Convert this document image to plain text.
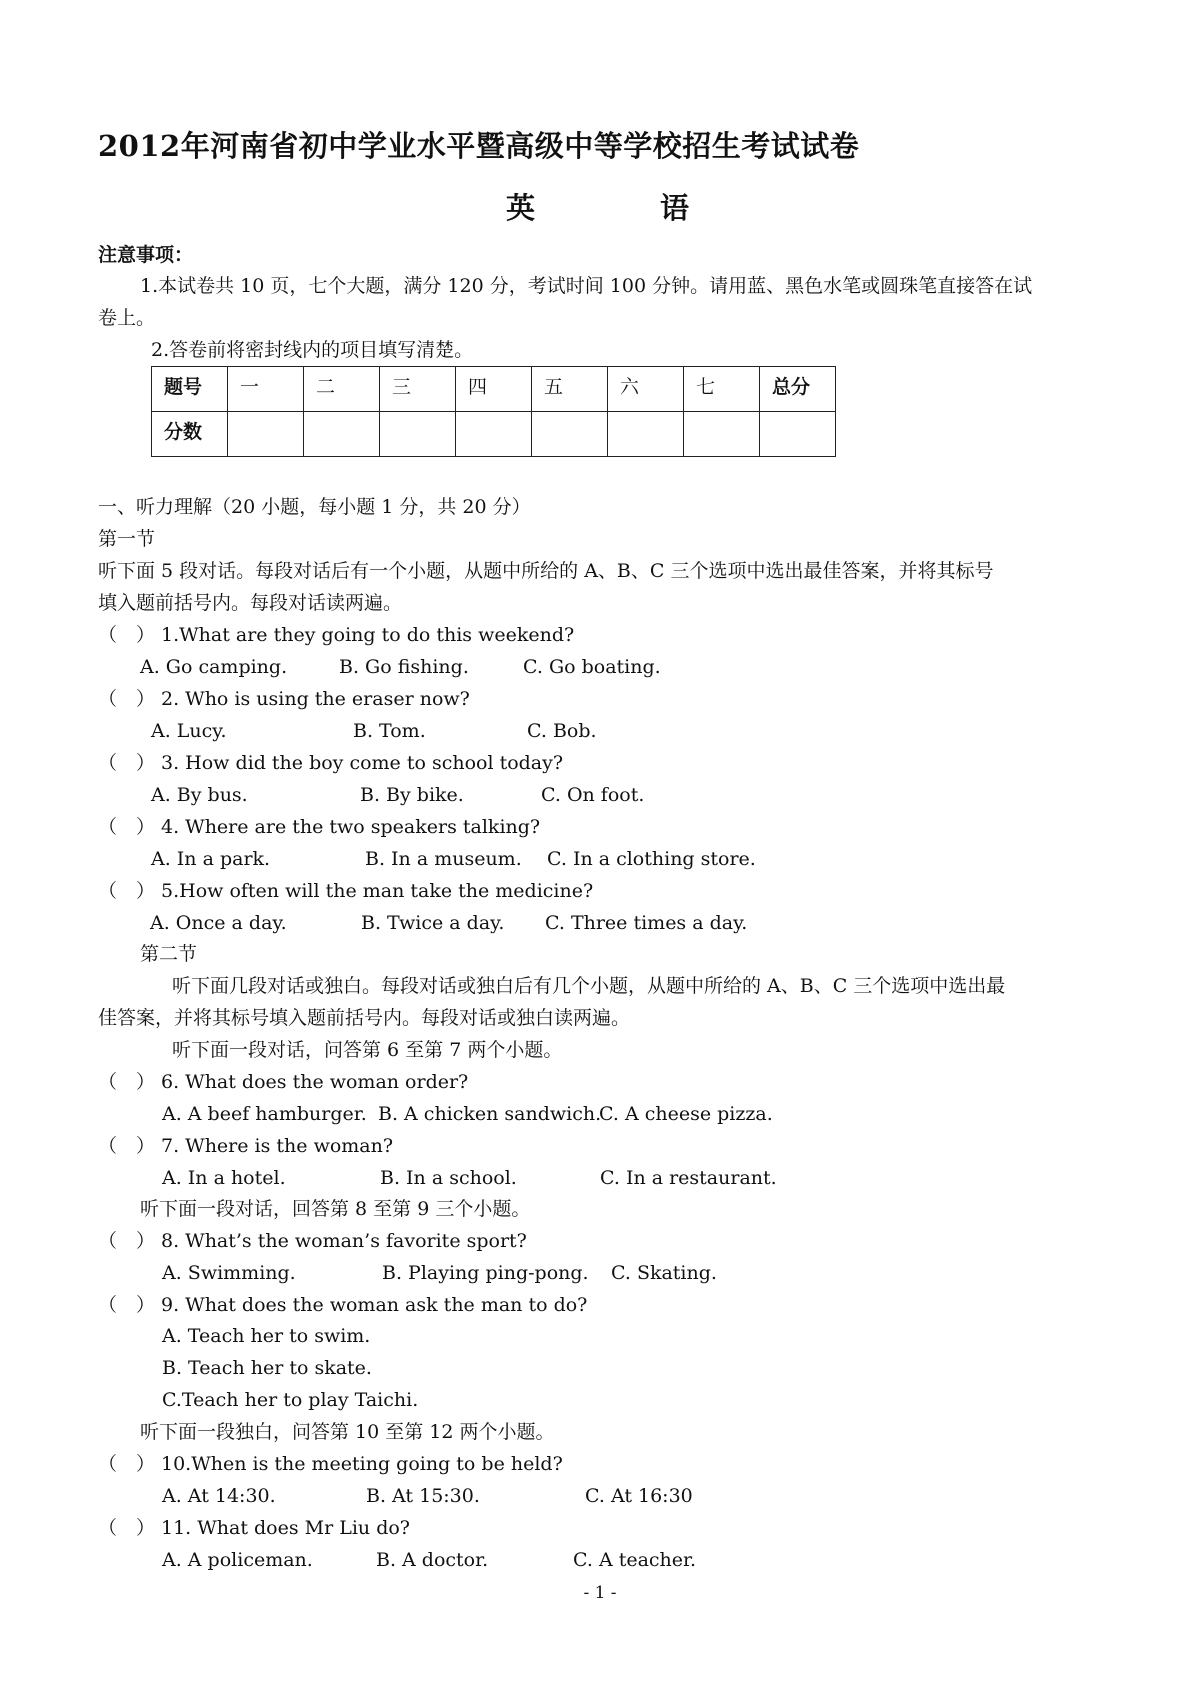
2012年河南省初中学业水平暨高级中等学校招生考试试卷
英	语
注意事项：
1.本试卷共 10 页，七个大题，满分 120 分，考试时间 100 分钟。请用蓝、黑色水笔或圆珠笔直接答在试
卷上。
2.答卷前将密封线内的项目填写清楚。
题号	一	二	三	四	五	六	七	总分
分数								
一、听力理解（20 小题，每小题 1 分，共 20 分）
第一节
听下面 5 段对话。每段对话后有一个小题，从题中所给的 A、B、C 三个选项中选出最佳答案，并将其标号
填入题前括号内。每段对话读两遍。
（　） 1.What are they going to do this weekend?
A. Go camping.	B. Go fishing.	C. Go boating.
（　） 2. Who is using the eraser now?
A. Lucy.	B. Tom.	C. Bob.
（　） 3. How did the boy come to school today?
A. By bus.	B. By bike.	C. On foot.
（　） 4. Where are the two speakers talking?
A. In a park.	B. In a museum. C. In a clothing store.
（　） 5.How often will the man take the medicine?
A. Once a day.	B. Twice a day. C. Three times a day.
第二节
听下面几段对话或独白。每段对话或独白后有几个小题，从题中所给的 A、B、C 三个选项中选出最
佳答案，并将其标号填入题前括号内。每段对话或独白读两遍。
听下面一段对话，问答第 6 至第 7 两个小题。
（　） 6. What does the woman order?
A. A beef hamburger. B. A chicken sandwich.
C. A cheese pizza.
（　） 7. Where is the woman?
A. In a hotel.	B. In a school.	C. In a restaurant.
听下面一段对话，回答第 8 至第 9 三个小题。
（　） 8. What’s the woman’s favorite sport?
A. Swimming.	B. Playing ping-pong. C. Skating.
（　） 9. What does the woman ask the man to do?
A. Teach her to swim.
B. Teach her to skate.
C.Teach her to play Taichi.
听下面一段独白，问答第 10 至第 12 两个小题。
（　） 10.When is the meeting going to be held?
A. At 14:30.	B. At 15:30.	C. At 16:30
（　） 11. What does Mr Liu do?
A. A policeman.	B. A doctor.	C. A teacher.
- 1 -
